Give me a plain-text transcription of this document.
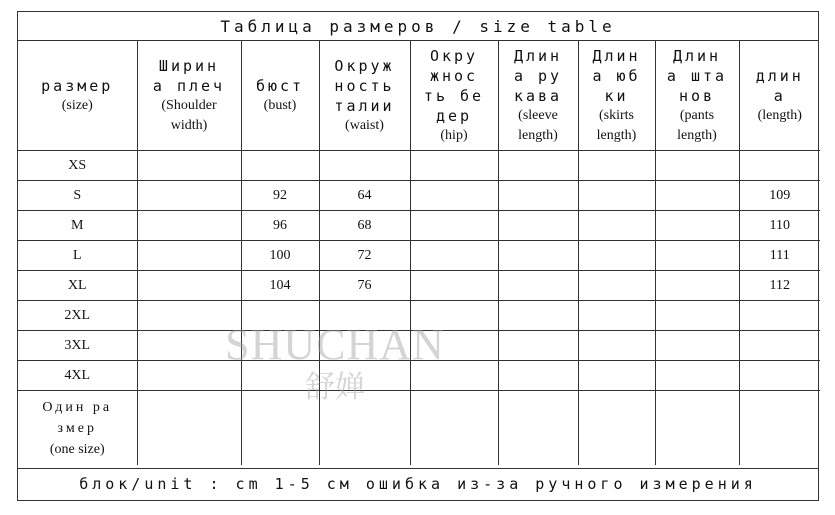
Таблица размеров / size table
размер
(size)	Ширин
а плеч
(Shoulder
width)	бюст
(bust)	Окруж
ность
талии
(waist)	Окру
жнос
ть бе
дер
(hip)	Длин
а ру
кава
(sleeve
length)	Длин
а юб
ки
(skirts
length)	Длин
а шта
нов
(pants
length)	длин
а
(length)

XS								
S		92	64					109
M		96	68					110
L		100	72					111
XL		104	76					112
2XL								
3XL								
4XL								

Один ра
змер
(one size)								

блок/unit : cm 1-5 см ошибка из-за ручного измерения
SHUCHAN
舒婵
